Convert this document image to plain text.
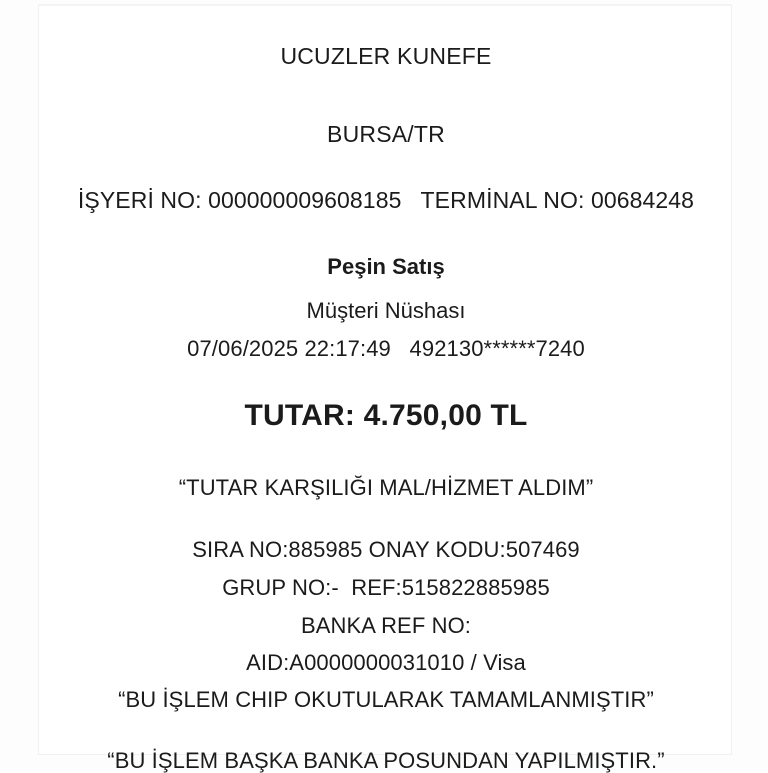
UCUZLER KUNEFE
BURSA/TR
İŞYERİ NO: 000000009608185   TERMİNAL NO: 00684248
Peşin Satış
Müşteri Nüshası
07/06/2025 22:17:49   492130******7240
TUTAR: 4.750,00 TL
“TUTAR KARŞILIĞI MAL/HİZMET ALDIM”
SIRA NO:885985 ONAY KODU:507469
GRUP NO:-  REF:515822885985
BANKA REF NO:
AID:A0000000031010 / Visa
“BU İŞLEM CHIP OKUTULARAK TAMAMLANMIŞTIR”
“BU İŞLEM BAŞKA BANKA POSUNDAN YAPILMIŞTIR.”
